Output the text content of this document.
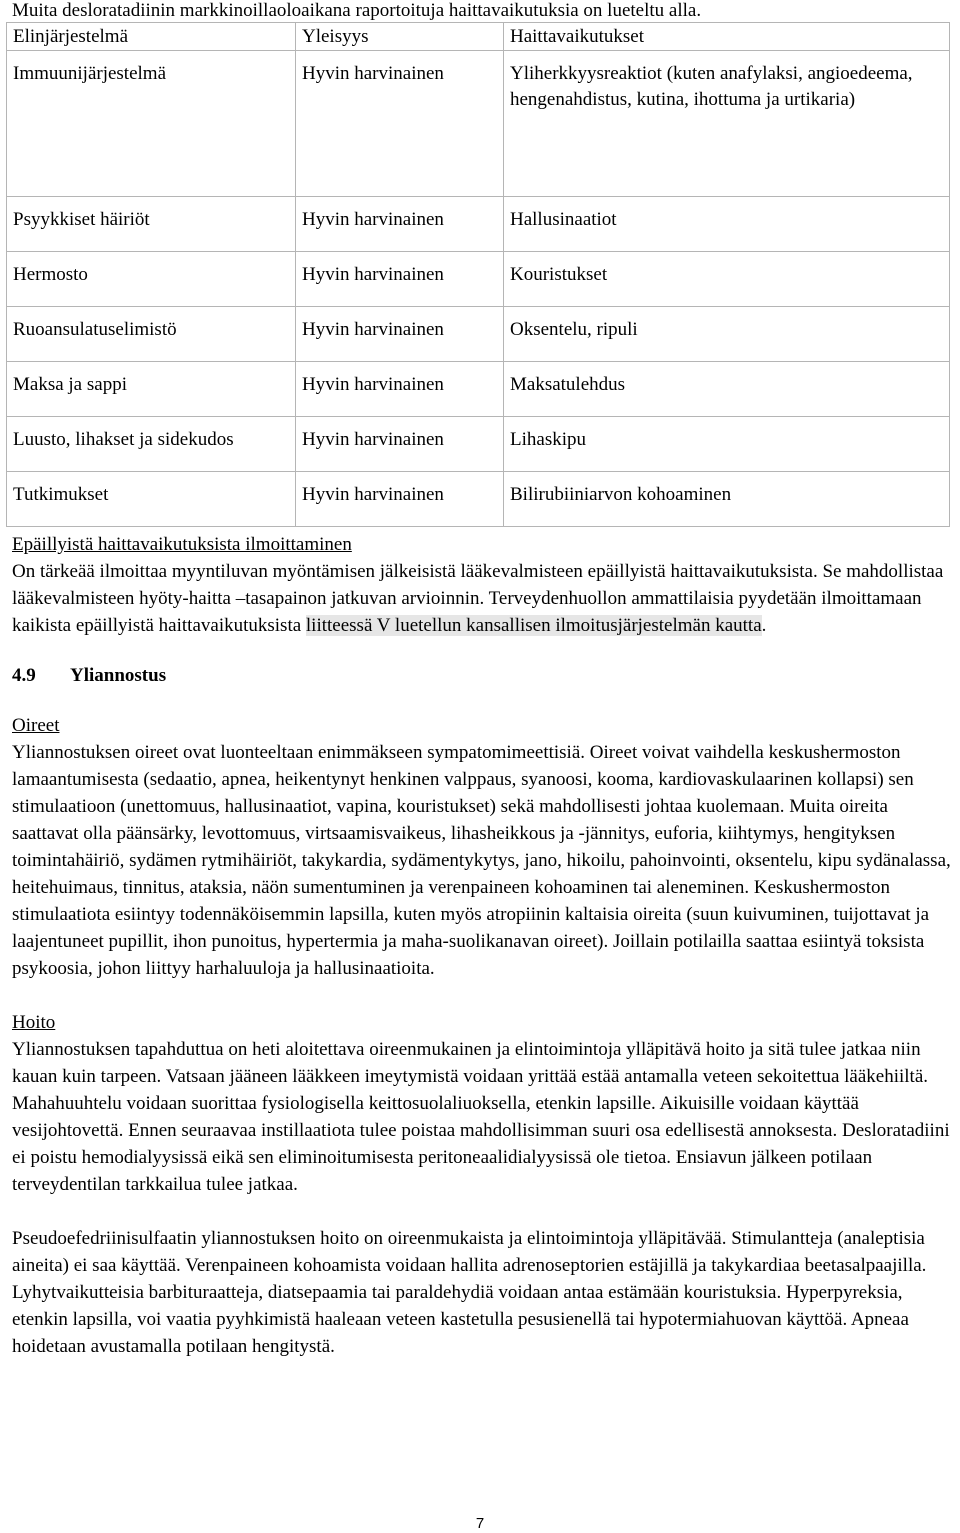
Muita desloratadiinin markkinoillaoloaikana raportoituja haittavaikutuksia on lueteltu alla.

Elinjärjestelmä	Yleisyys	Haittavaikutukset
Immuunijärjestelmä	Hyvin harvinainen	Yliherkkyysreaktiot (kuten anafylaksi, angioedeema, hengenahdistus, kutina, ihottuma ja urtikaria)
Psyykkiset häiriöt	Hyvin harvinainen	Hallusinaatiot
Hermosto	Hyvin harvinainen	Kouristukset
Ruoansulatuselimistö	Hyvin harvinainen	Oksentelu, ripuli
Maksa ja sappi	Hyvin harvinainen	Maksatulehdus
Luusto, lihakset ja sidekudos	Hyvin harvinainen	Lihaskipu
Tutkimukset	Hyvin harvinainen	Bilirubiiniarvon kohoaminen

Epäillyistä haittavaikutuksista ilmoittaminen

On tärkeää ilmoittaa myyntiluvan myöntämisen jälkeisistä lääkevalmisteen epäillyistä haittavaikutuksista. Se mahdollistaa lääkevalmisteen hyöty-haitta –tasapainon jatkuvan arvioinnin. Terveydenhuollon ammattilaisia pyydetään ilmoittamaan kaikista epäillyistä haittavaikutuksista liitteessä V luetellun kansallisen ilmoitusjärjestelmän kautta.

4.9 Yliannostus

Oireet

Yliannostuksen oireet ovat luonteeltaan enimmäkseen sympatomimeettisiä. Oireet voivat vaihdella keskushermoston lamaantumisesta (sedaatio, apnea, heikentynyt henkinen valppaus, syanoosi, kooma, kardiovaskulaarinen kollapsi) sen stimulaatioon (unettomuus, hallusinaatiot, vapina, kouristukset) sekä mahdollisesti johtaa kuolemaan. Muita oireita saattavat olla päänsärky, levottomuus, virtsaamisvaikeus, lihasheikkous ja -jännitys, euforia, kiihtymys, hengityksen toimintahäiriö, sydämen rytmihäiriöt, takykardia, sydämentykytys, jano, hikoilu, pahoinvointi, oksentelu, kipu sydänalassa, heitehuimaus, tinnitus, ataksia, näön sumentuminen ja verenpaineen kohoaminen tai aleneminen. Keskushermoston stimulaatiota esiintyy todennäköisemmin lapsilla, kuten myös atropiinin kaltaisia oireita (suun kuivuminen, tuijottavat ja laajentuneet pupillit, ihon punoitus, hypertermia ja maha-suolikanavan oireet). Joillain potilailla saattaa esiintyä toksista psykoosia, johon liittyy harhaluuloja ja hallusinaatioita.

Hoito

Yliannostuksen tapahduttua on heti aloitettava oireenmukainen ja elintoimintoja ylläpitävä hoito ja sitä tulee jatkaa niin kauan kuin tarpeen. Vatsaan jääneen lääkkeen imeytymistä voidaan yrittää estää antamalla veteen sekoitettua lääkehiiltä. Mahahuuhtelu voidaan suorittaa fysiologisella keittosuolaliuoksella, etenkin lapsille. Aikuisille voidaan käyttää vesijohtovettä. Ennen seuraavaa instillaatiota tulee poistaa mahdollisimman suuri osa edellisestä annoksesta. Desloratadiini ei poistu hemodialyysissä eikä sen eliminoitumisesta peritoneaalidialyysissä ole tietoa. Ensiavun jälkeen potilaan terveydentilan tarkkailua tulee jatkaa.

Pseudoefedriinisulfaatin yliannostuksen hoito on oireenmukaista ja elintoimintoja ylläpitävää. Stimulantteja (analeptisia aineita) ei saa käyttää. Verenpaineen kohoamista voidaan hallita adrenoseptorien estäjillä ja takykardiaa beetasalpaajilla. Lyhytvaikutteisia barbituraatteja, diatsepaamia tai paraldehydiä voidaan antaa estämään kouristuksia. Hyperpyreksia, etenkin lapsilla, voi vaatia pyyhkimistä haaleaan veteen kastetulla pesusienellä tai hypotermiahuovan käyttöä. Apneaa hoidetaan avustamalla potilaan hengitystä.

7
